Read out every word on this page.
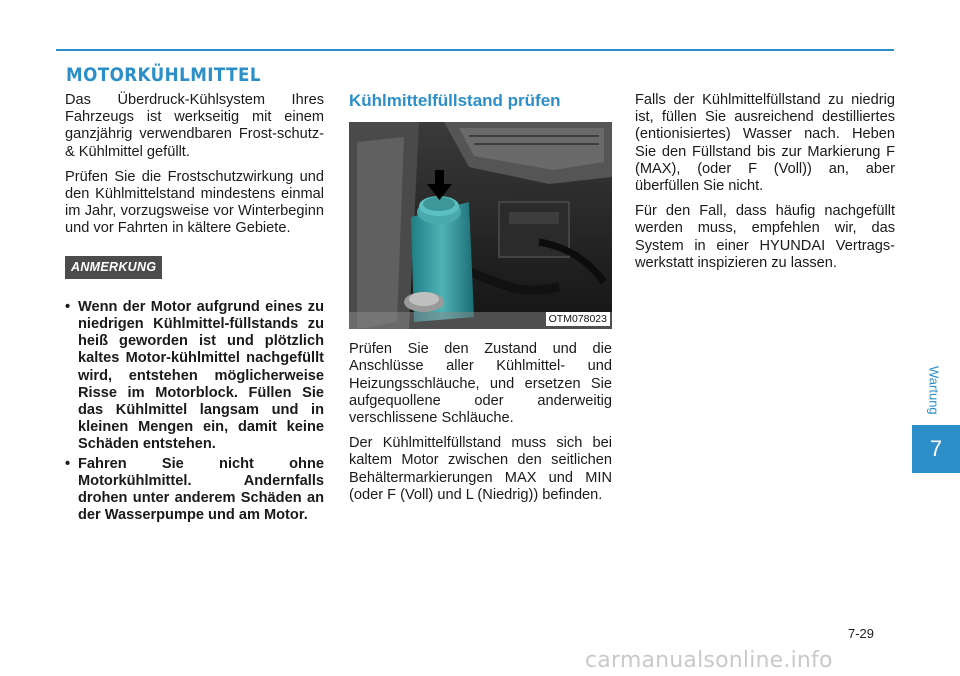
MOTORKÜHLMITTEL

Das Überdruck-Kühlsystem Ihres Fahrzeugs ist werkseitig mit einem ganzjährig verwendbaren Frost-schutz- & Kühlmittel gefüllt.

Prüfen Sie die Frostschutzwirkung und den Kühlmittelstand mindestens einmal im Jahr, vorzugsweise vor Winterbeginn und vor Fahrten in kältere Gebiete.

ANMERKUNG
• Wenn der Motor aufgrund eines zu niedrigen Kühlmittel-füllstands zu heiß geworden ist und plötzlich kaltes Motor-kühlmittel nachgefüllt wird, entstehen möglicherweise Risse im Motorblock. Füllen Sie das Kühlmittel langsam und in kleinen Mengen ein, damit keine Schäden entstehen.
• Fahren Sie nicht ohne Motorkühlmittel. Andernfalls drohen unter anderem Schäden an der Wasserpumpe und am Motor.
Kühlmittelfüllstand prüfen
OTM078023

Prüfen Sie den Zustand und die Anschlüsse aller Kühlmittel- und Heizungsschläuche, und ersetzen Sie aufgequollene oder anderweitig verschlissene Schläuche.

Der Kühlmittelfüllstand muss sich bei kaltem Motor zwischen den seitlichen Behältermarkierungen MAX und MIN (oder F (Voll) und L (Niedrig)) befinden.

Falls der Kühlmittelfüllstand zu niedrig ist, füllen Sie ausreichend destilliertes (entionisiertes) Wasser nach. Heben Sie den Füllstand bis zur Markierung F (MAX), (oder F (Voll)) an, aber überfüllen Sie nicht.

Für den Fall, dass häufig nachgefüllt werden muss, empfehlen wir, das System in einer HYUNDAI Vertrags-werkstatt inspizieren zu lassen.

Wartung
7
7-29
carmanualsonline.info
